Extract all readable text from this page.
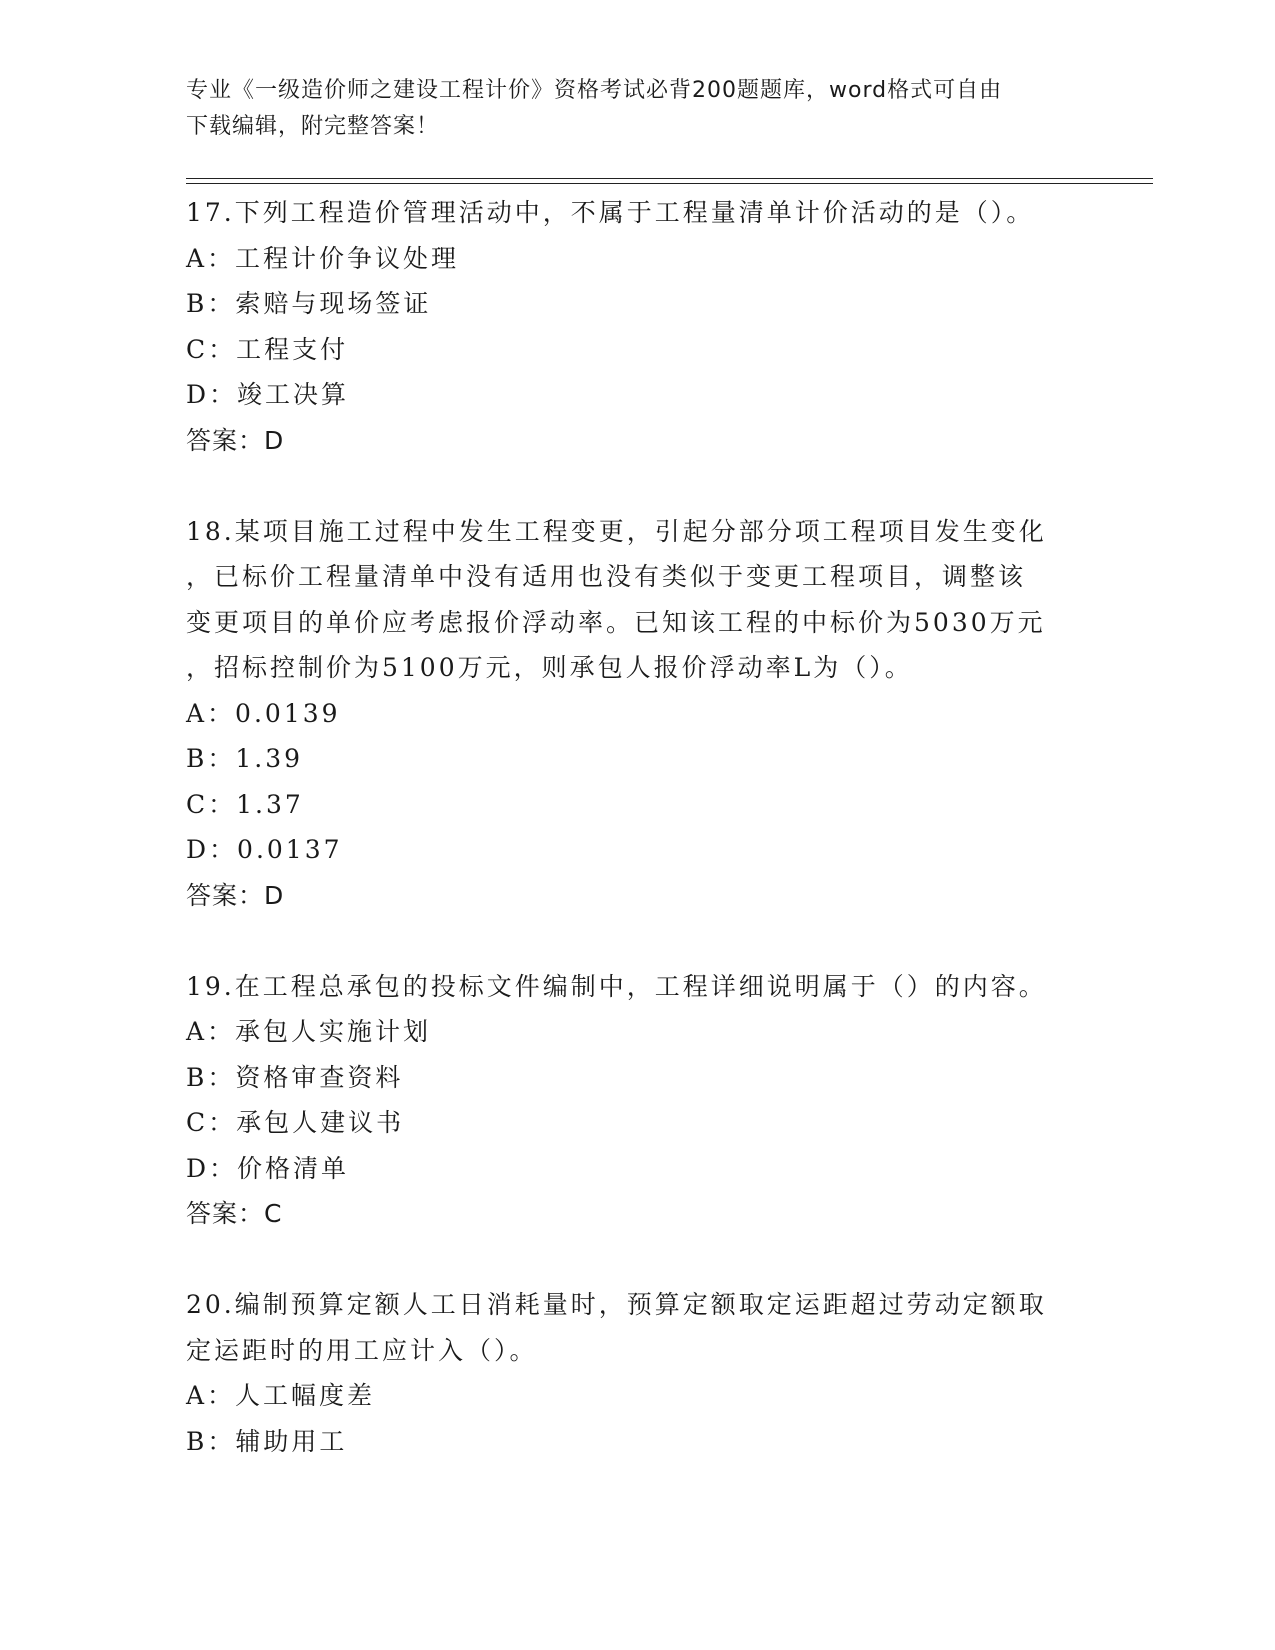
专业《一级造价师之建设工程计价》资格考试必背200题题库，word格式可自由
下载编辑，附完整答案！
17.下列工程造价管理活动中，不属于工程量清单计价活动的是（）。
A：工程计价争议处理
B：索赔与现场签证
C：工程支付
D：竣工决算
答案：D
18.某项目施工过程中发生工程变更，引起分部分项工程项目发生变化
，已标价工程量清单中没有适用也没有类似于变更工程项目，调整该
变更项目的单价应考虑报价浮动率。已知该工程的中标价为5030万元
，招标控制价为5100万元，则承包人报价浮动率L为（）。
A：0.0139
B：1.39
C：1.37
D：0.0137
答案：D
19.在工程总承包的投标文件编制中，工程详细说明属于（）的内容。
A：承包人实施计划
B：资格审查资料
C：承包人建议书
D：价格清单
答案：C
20.编制预算定额人工日消耗量时，预算定额取定运距超过劳动定额取
定运距时的用工应计入（）。
A：人工幅度差
B：辅助用工
